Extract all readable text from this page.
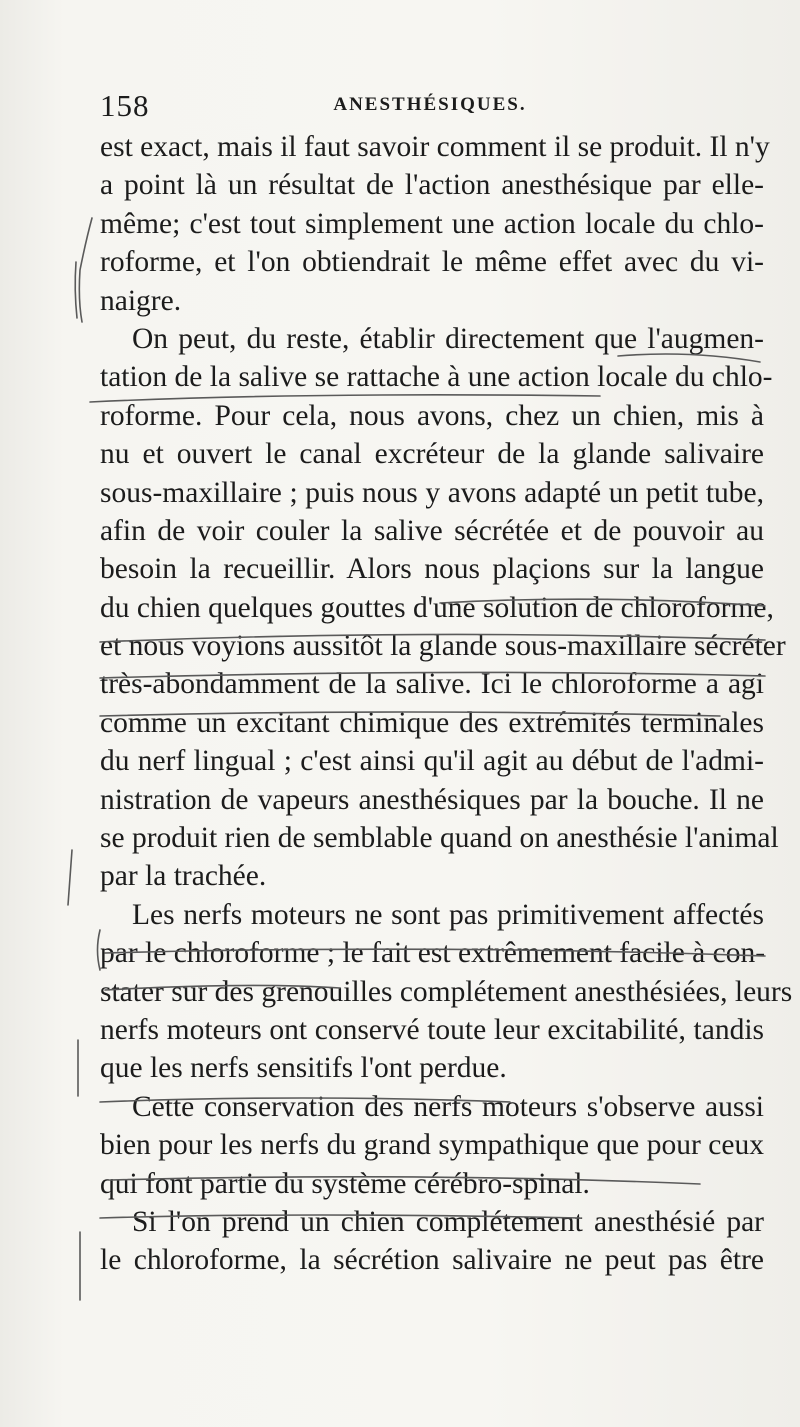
158	ANESTHÉSIQUES.
est exact, mais il faut savoir comment il se produit. Il n'y
a point là un résultat de l'action anesthésique par elle-
même; c'est tout simplement une action locale du chlo-
roforme, et l'on obtiendrait le même effet avec du vi-
naigre.
On peut, du reste, établir directement que l'augmen-
tation de la salive se rattache à une action locale du chlo-
roforme. Pour cela, nous avons, chez un chien, mis à
nu et ouvert le canal excréteur de la glande salivaire
sous-maxillaire ; puis nous y avons adapté un petit tube,
afin de voir couler la salive sécrétée et de pouvoir au
besoin la recueillir. Alors nous plaçions sur la langue
du chien quelques gouttes d'une solution de chloroforme,
et nous voyions aussitôt la glande sous-maxillaire sécréter
très-abondamment de la salive. Ici le chloroforme a agi
comme un excitant chimique des extrémités terminales
du nerf lingual ; c'est ainsi qu'il agit au début de l'admi-
nistration de vapeurs anesthésiques par la bouche. Il ne
se produit rien de semblable quand on anesthésie l'animal
par la trachée.
Les nerfs moteurs ne sont pas primitivement affectés
par le chloroforme ; le fait est extrêmement facile à con-
stater sur des grenouilles complétement anesthésiées, leurs
nerfs moteurs ont conservé toute leur excitabilité, tandis
que les nerfs sensitifs l'ont perdue.
Cette conservation des nerfs moteurs s'observe aussi
bien pour les nerfs du grand sympathique que pour ceux
qui font partie du système cérébro-spinal.
Si l'on prend un chien complétement anesthésié par
le chloroforme, la sécrétion salivaire ne peut pas être
